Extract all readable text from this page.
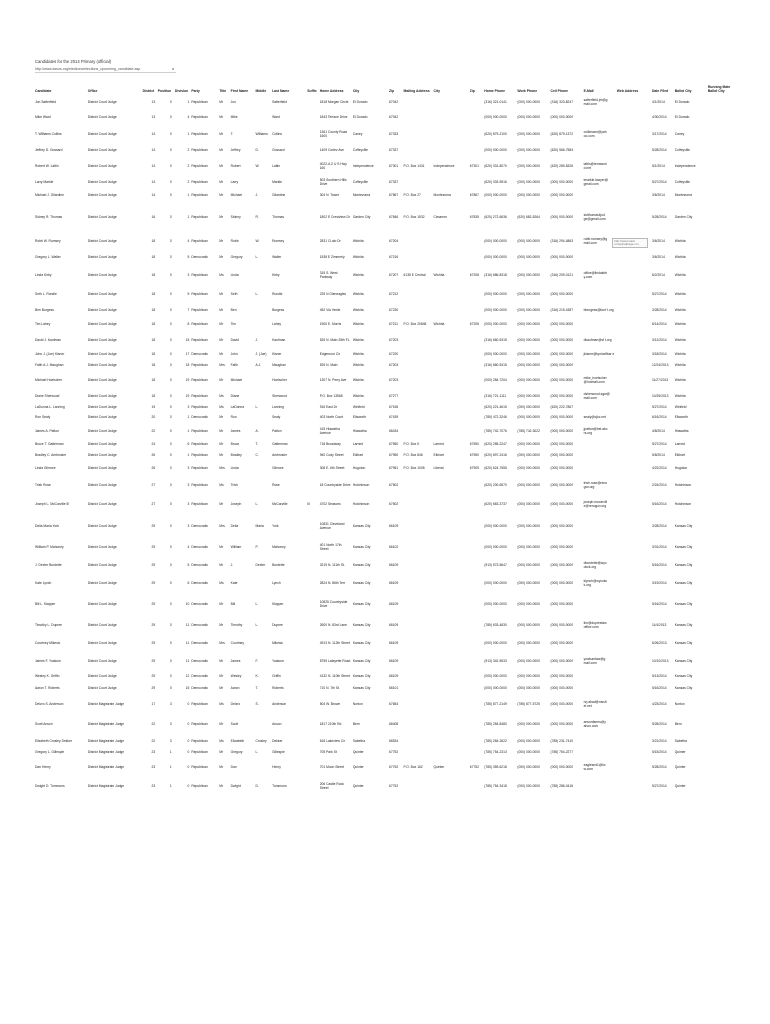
Candidates for the 2014 Primary (official)
http://www.kssos.org/elections/elections_upcoming_candidate.asp	a
Candidate	Office	District	Position	Division	Party	Title	First Name	Middle	Last Name	Suffix	Home Address	City	Zip	Mailing Address	City	Zip	Home Phone	Work Phone	Cell Phone	E-Mail	Web Address	Date Filed	Ballot City	Running Mate Ballot City
Jon Satterfield	District Court Judge	13	0	1	Republican	Mr	Jon		Satterfield		1818 Morgan Circle	El Dorado	67042				(316) 321-0141	(000) 000-0000	(316) 323-8247	satterfield.jm@g mail.com		4/1/2014	El Dorado	
Mike Ward	District Court Judge	13	0	4	Republican	Mr	Mike		Ward		1843 Terrace Drive	El Dorado	67042				(000) 000-0000	(000) 000-0000	(000) 000-0000			4/30/2014	El Dorado	
T. Williams Collins	District Court Judge	14	0	1	Republican	Mr	T.	Williams	Collins		1361 County Road 1600	Caney	67333				(620) 879-2100	(000) 000-0000	(620) 879-1372	collinswm@yah oo.com		3/17/2014	Caney	
Jeffrey D. Gossard	District Court Judge	14	0	2	Republican	Mr	Jeffrey	D.	Gossard		1409 Cortez Ave	Coffeyville	67337				(000) 000-0000	(000) 000-0000	(620) 566-7584			5/28/2014	Coffeyville	
Robert W. Lattin	District Court Judge	14	0	2	Republican	Mr	Robert	W.	Lattin		4022-A Z U S Hwy 160	Independence	67301	P.O. Box 1431	Independence	67301	(620) 331-8070	(000) 000-0000	(620) 289-8326	lattin@terraworl d.net		5/1/2014	Independence	
Larry Markle	District Court Judge	14	0	2	Republican	Mr	Larry		Markle		503 Southern Hills Drive	Coffeyville	67337				(620) 333-9516	(000) 000-0000	(000) 000-0000	lmarkle.lawyer@ gmail.com		5/27/2014	Coffeyville	
Michael J. Gilardine	District Court Judge	14	0	1	Republican	Mr	Michael	J.	Gilardine		304 N. Tower	Montezuma	67867	P.O. Box 27	Montezuma	67867	(000) 000-0000	(000) 000-0000	(000) 000-0000			3/6/2014	Montezuma	
Sidney R. Thomas	District Court Judge	16	0	1	Republican	Mr	Sidney	R.	Thomas		1802 E Crestview Dr	Garden City	67846	P.O. Box 1532	Cimarron	67835	(620) 272-6636	(620) 682-5264	(000) 000-0000	sidthomas4jud ge@gmail.com		5/28/2014	Garden City	
Robb W. Rumsey	District Court Judge	18	0	4	Republican	Mr	Robb	W.	Rumsey		2831 Ci.alo Dr	Wichita	67204				(000) 000-0000	(000) 000-0000	(316) 294-4863	robb.rumsey@g mail.com		3/6/2014	Wichita	
Gregory L. Waller	District Court Judge	18	0	5	Democratic	Mr	Gregory	L.	Waller		1538 E Zimmerly	Wichita	67216				(000) 000-0000	(000) 000-0000	(000) 000-0000			3/6/2014	Wichita	
Linda Kirby	District Court Judge	18	0	3	Republican	Ms	Linda		Kirby		315 S. West Parkway	Wichita	67207	6135 E Central	Wichita	67208	(316) 686-8318	(000) 000-0000	(316) 209-0121	office@lindakirb y.com		6/2/2014	Wichita	
Seth L. Rundle	District Court Judge	18	0	5	Republican	Mr	Seth	L.	Rundle		225 N Gleneagles	Wichita	67212				(000) 000-0000	(000) 000-0000	(000) 000-0000			5/27/2014	Wichita	
Ben Burgess	District Court Judge	18	0	7	Republican	Mr	Ben		Burgess		452 Via Verde	Wichita	67230				(000) 000-0000	(000) 000-0000	(316) 215-4387	bburgess@burf t.org		3/28/2014	Wichita	
Tim Lahey	District Court Judge	18	0	8	Republican	Mr	Tim		Lahey		1900 E. Morris	Wichita	67211	P.O. Box 20848	Wichita	67208	(000) 000-0000	(000) 000-0000	(000) 000-0000			6/14/2014	Wichita	
David J. Kaufman	District Court Judge	18	0	15	Republican	Mr	David	J.	Kaufman		525 N. Main 28th FL	Wichita	67203				(316) 660-5315	(000) 000-0000	(000) 000-0000	dkaufman@sf t.org		3/12/2014	Wichita	
John J. (Joe) Kisner	District Court Judge	18	0	17	Democratic	Mr	John	J. (Joe)	Kisner		Edgemoor Cir	Wichita	67220				(000) 000-0000	(000) 000-0000	(000) 000-0000	jkisner@kpricelfkar e		3/18/2014	Wichita	
Faith A.J. Maughan	District Court Judge	18	0	18	Republican	Mrs	Faith	A.J.	Maughan		525 N. Main	Wichita	67203				(316) 660-5315	(000) 000-0000	(000) 000-0000			12/24/2013	Wichita	
Michael Hoelscher	District Court Judge	18	0	19	Republican	Mr	Michael		Hoelscher		1307 N. Perry Ave	Wichita	67203				(000) 284-7204	(000) 000-0000	(000) 000-0000	mike_hoelscher @hotmail.com		11/27/2013	Wichita	
Diane Sherwood	District Court Judge	18	0	19	Republican	Ms	Diane		Sherwood		P.O. Box 13568	Wichita	67277				(316) 721-1111	(000) 000-0000	(000) 000-0000	dsherwood.sgw@ mail.com		10/25/2013	Wichita	
LaDonna L. Lanning	District Court Judge	19	0	3	Republican	Ms	LaDonna	L.	Lanning		916 East Dr	Winfield	67156				(620) 221-4615	(000) 000-0000	(620) 222-7867			5/27/2014	Winfield	
Ron Sealy	District Court Judge	20	0	1	Democratic	Mr	Ron		Sealy		403 North Court	Ellsworth	67439				(785) 472-3246	(000) 000-0000	(000) 000-0000	sealy@cjkc.net		6/16/2014	Ellsworth	
James A. Patton	District Court Judge	22	0	1	Republican	Mr	James	A.	Patton		415 Hiawatha Avenue	Hiawatha	66434				(785) 742-7076	(785) 742-3022	(000) 000-0000	jpatton@bst.abc rs.org		4/8/2014	Hiawatha	
Bruce T. Gatterman	District Court Judge	24	0	6	Republican	Mr	Bruce	T.	Gatterman		718 Broadway	Larned	67550	P.O. Box K	Larned	67550	(620) 285-2247	(000) 000-0000	(000) 000-0000			5/27/2014	Larned	
Bradley C. Ambrosier	District Court Judge	26	0	1	Republican	Mr	Bradley	C.	Ambrosier		940 Cody Street	Elkhart	67950	P.O. Box 846	Elkhart	67950	(620) 697-2416	(000) 000-0000	(000) 000-0000			5/8/2014	Elkhart	
Linda Gilmore	District Court Judge	26	0	3	Republican	Mrs	Linda		Gilmore		308 E. 6th Street	Hugoton	67951	P.O. Box 1008	Liberal	67905	(620) 624-7555	(000) 000-0000	(000) 000-0000			4/22/2014	Hugoton	
Trish Rose	District Court Judge	27	0	3	Republican	Ms	Trish		Rose		18 Countryside Drive	Hutchinson	67502				(620) 200-6570	(000) 000-0000	(000) 000-0000	trish.rose@reno gov.org		2/24/2014	Hutchinson	
Joseph L. McCarville III	District Court Judge	27	0	3	Republican	Mr	Joseph	L.	McCarville	III	4702 Seasons	Hutchinson	67502				(620) 663-3737	(000) 000-0000	(000) 000-0000	joseph.mccarvill e@renogov.org		5/16/2014	Hutchinson	
Delia Maria York	District Court Judge	29	0	3	Democratic	Mrs	Delia	Maria	York		10831 Cleveland Avenue	Kansas City	66109				(000) 000-0000	(000) 000-0000	(000) 000-0000			3/28/2014	Kansas City	
William P. Mahoney	District Court Judge	29	0	4	Democratic	Mr	William	P.	Mahoney		401 North 17th Street	Kansas City	66102				(000) 000-0000	(000) 000-0000	(000) 000-0000			3/31/2014	Kansas City	
J. Dexter Burdette	District Court Judge	29	0	5	Democratic	Mr	J.	Dexter	Burdette		3219 N. 111th St.	Kansas City	66109				(913) 573-5647	(000) 000-0000	(000) 000-0000	dburdette@wyc okck.org		5/16/2014	Kansas City	
Kate Lynch	District Court Judge	29	0	6	Democratic	Ms	Kate		Lynch		2824 N. 86th Terr	Kansas City	66109				(000) 000-0000	(000) 000-0000	(000) 000-0000	klynch@wycokc k.org		3/19/2014	Kansas City	
Bill L. Klapper	District Court Judge	29	0	10	Democratic	Mr	Bill	L.	Klapper		10825 Countryside Drive	Kansas City	66109				(000) 000-0000	(000) 000-0000	(000) 000-0000			5/16/2014	Kansas City	
Timothy L. Dupree	District Court Judge	29	0	11	Democratic	Mr	Timothy	L.	Dupree		2600 N. 83rd Lane	Kansas City	66109				(785) 633-4830	(000) 000-0000	(000) 000-0000	tim@dupreelaw office.com		11/4/2013	Kansas City	
Courtney Mikesic	District Court Judge	29	0	11	Democratic	Mrs	Courtney		Mikesic		4913 N. 112th Street	Kansas City	66109				(000) 000-0000	(000) 000-0000	(000) 000-0000			6/26/2013	Kansas City	
James F. Yoakum	District Court Judge	29	0	11	Democratic	Mr	James	F.	Yoakum		8759 Lafayette Road	Kansas City	66109				(913) 342-5533	(000) 000-0000	(000) 000-0000	yoakumlaw@g mail.com		10/10/2013	Kansas City	
Wesley K. Griffin	District Court Judge	29	0	12	Democratic	Mr	Wesley	K.	Griffin		4132 N. 110th Street	Kansas City	66109				(000) 000-0000	(000) 000-0000	(000) 000-0000			5/13/2014	Kansas City	
Aaron T. Roberts	District Court Judge	29	0	15	Democratic	Mr	Aaron	T.	Roberts		710 N. 7th St.	Kansas City	66101				(000) 000-0000	(000) 000-0000	(000) 000-0000			5/16/2014	Kansas City	
Delzro S. Anderson	District Magistrate Judge	17	3	0	Republican	Ms	Delzro	S.	Anderson		504 W. Brown	Norton	67654				(785) 877-2149	(785) 877-5725	(000) 000-0000	nrj.abad@nsrull el.net		4/23/2014	Norton	
Scott Anson	District Magistrate Judge	22	3	0	Republican	Mr	Scott		Anson		1817 210th Rd	Bern	66408				(785) 284-8480	(000) 000-0000	(000) 000-0000	ansonfarms@y ahoo.com		5/28/2014	Bern	
Elizabeth Crosley Dekker	District Magistrate Judge	22	3	0	Republican	Ms	Elizabeth	Crosley	Dekker		616 Lakeview Cir	Sabetha	66534				(785) 284-2622	(000) 000-0000	(785) 231-7410			3/21/2014	Sabetha	
Gregory L. Gillespie	District Magistrate Judge	23	1	0	Republican	Mr	Gregory	L.	Gillespie		705 Park St	Quinter	67752				(785) 754-2313	(000) 000-0000	(785) 754-2277			5/15/2014	Quinter	
Dan Henry	District Magistrate Judge	23	1	0	Republican	Mr	Dan		Henry		701 Moon Street	Quinter	67752	P.O. Box 162	Quinter	67752	(785) 359-6218	(000) 000-0000	(000) 000-0000	eaglesnd1@kx w.com		5/28/2014	Quinter	
Dwight D. Tummons	District Magistrate Judge	23	1	0	Republican	Mr	Dwight	D.	Tummons		206 Castle Rock Street	Quinter	67752				(785) 754-3418	(000) 000-0000	(785) 286-0416			5/27/2014	Quinter	
http://www.stub ornspinalpage.crn
